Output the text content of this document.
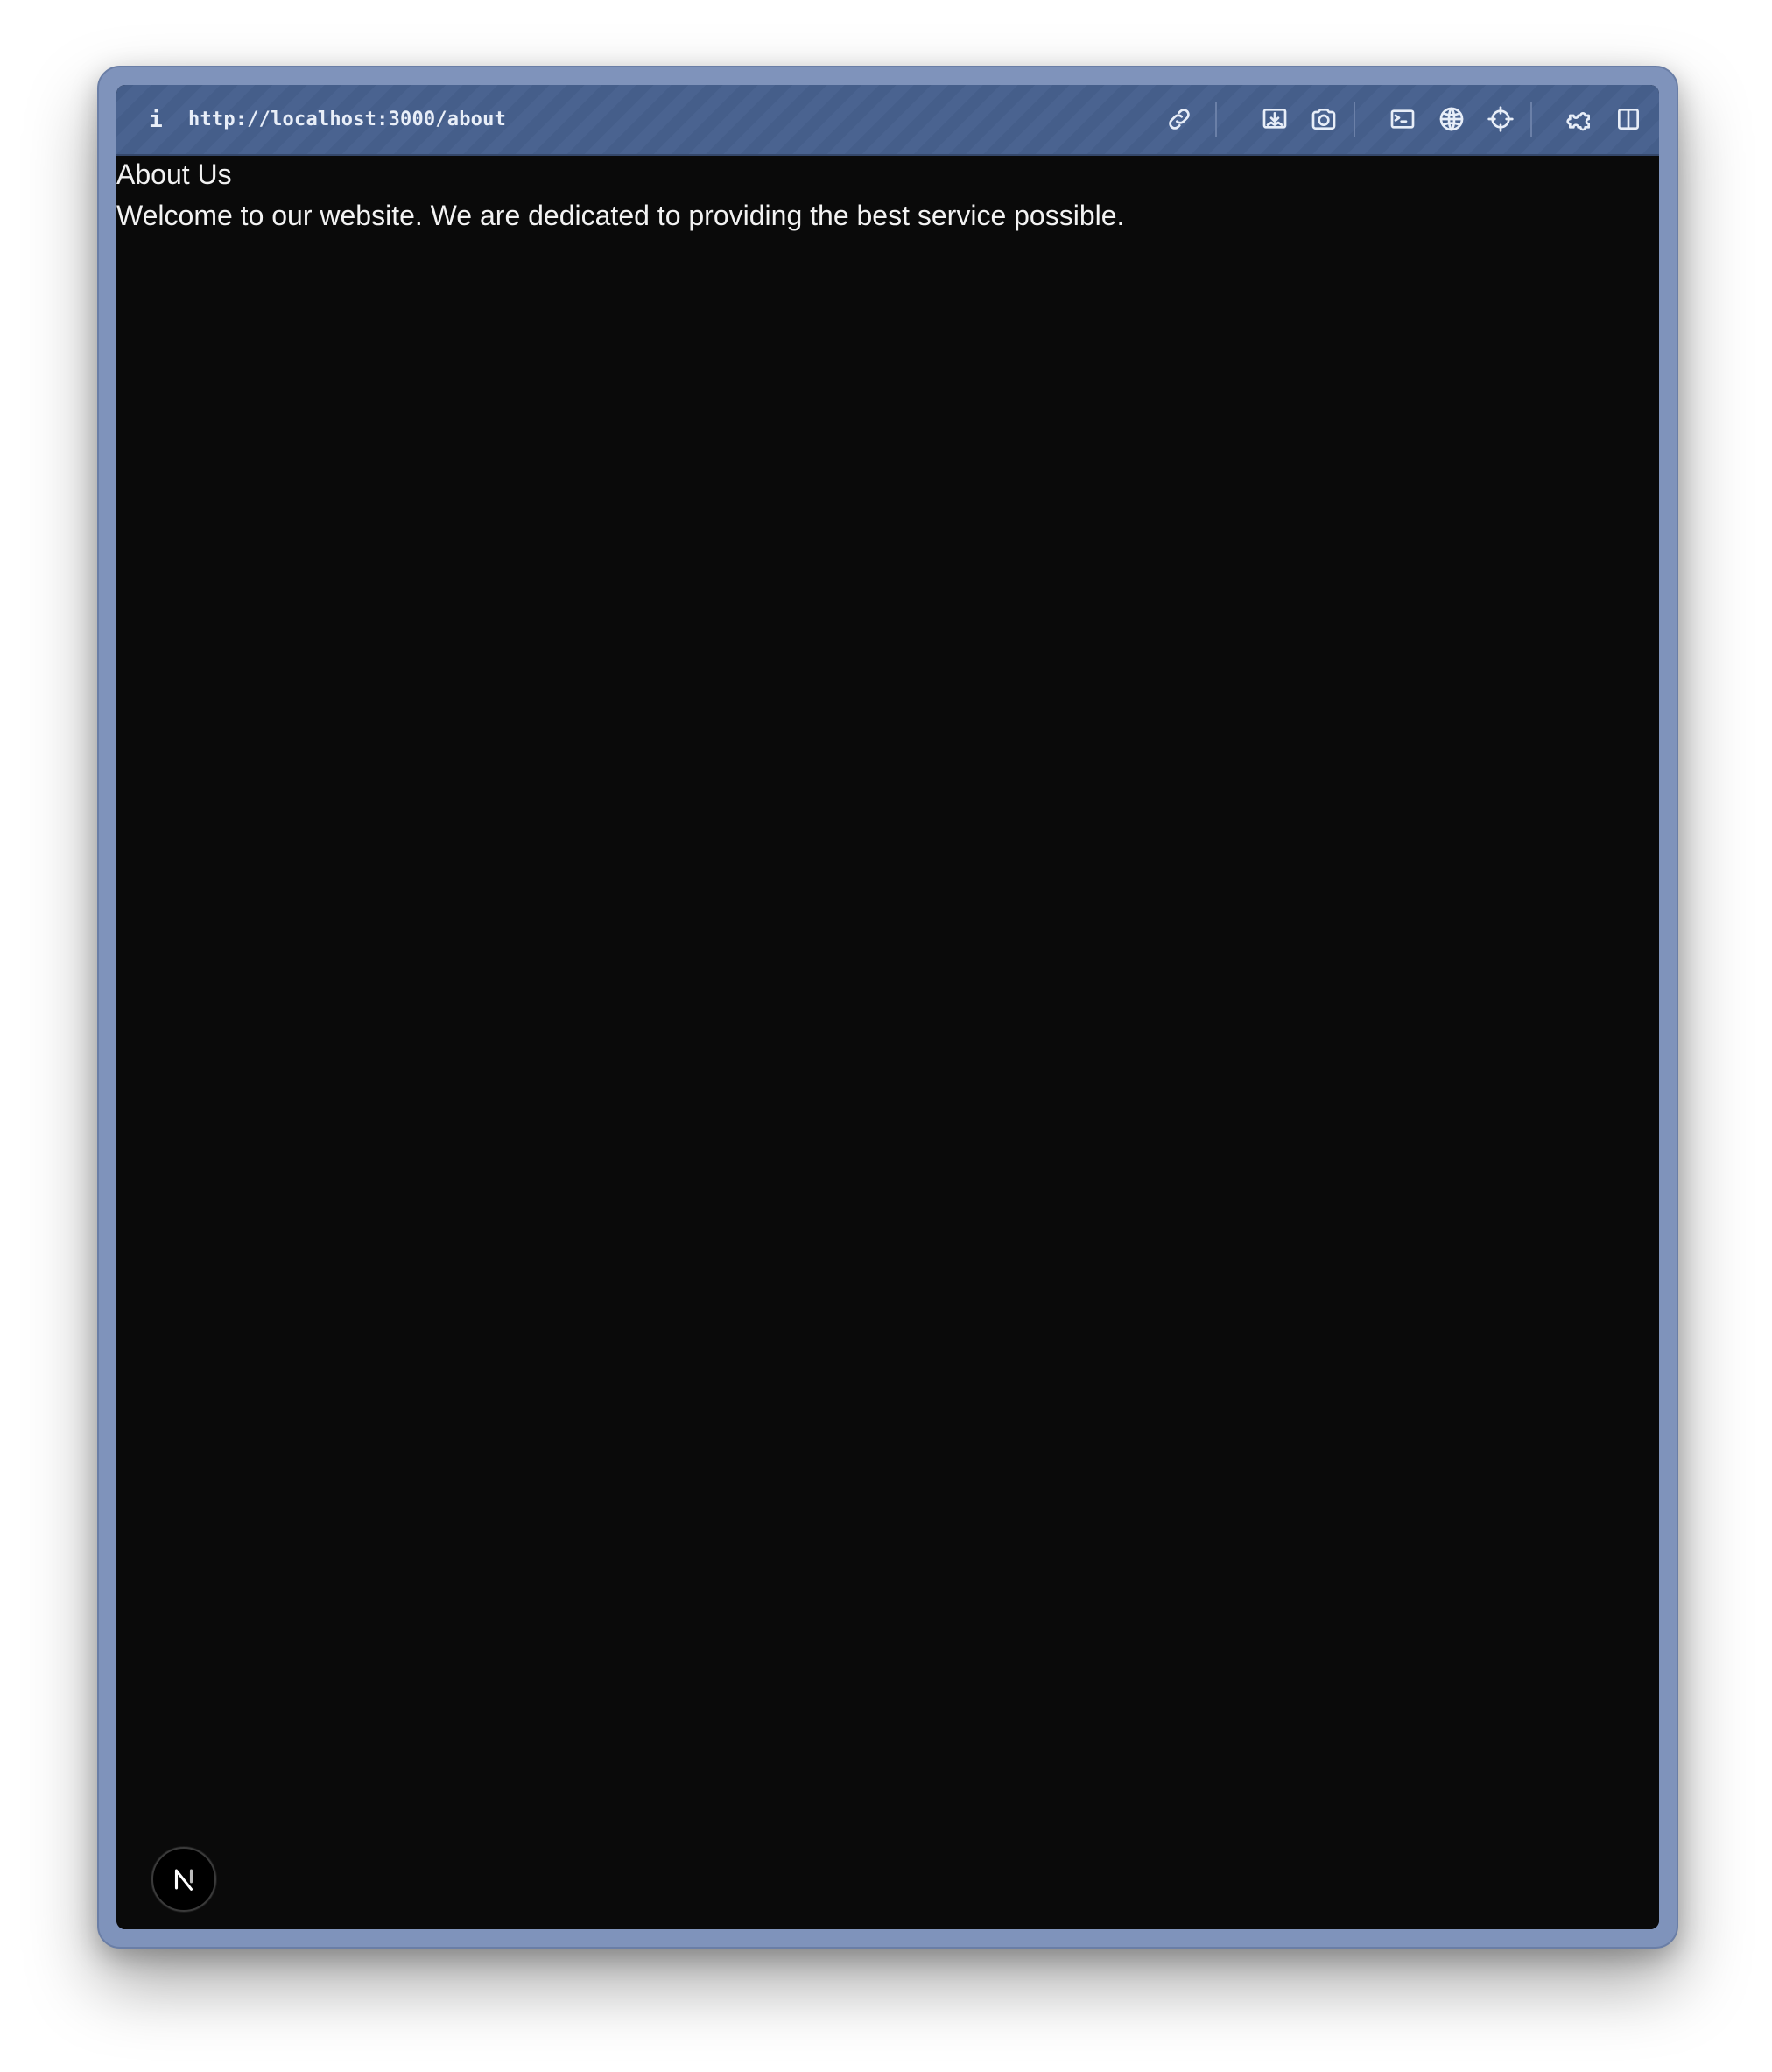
i	http://localhost:3000/about
About Us

Welcome to our website. We are dedicated to providing the best service possible.
